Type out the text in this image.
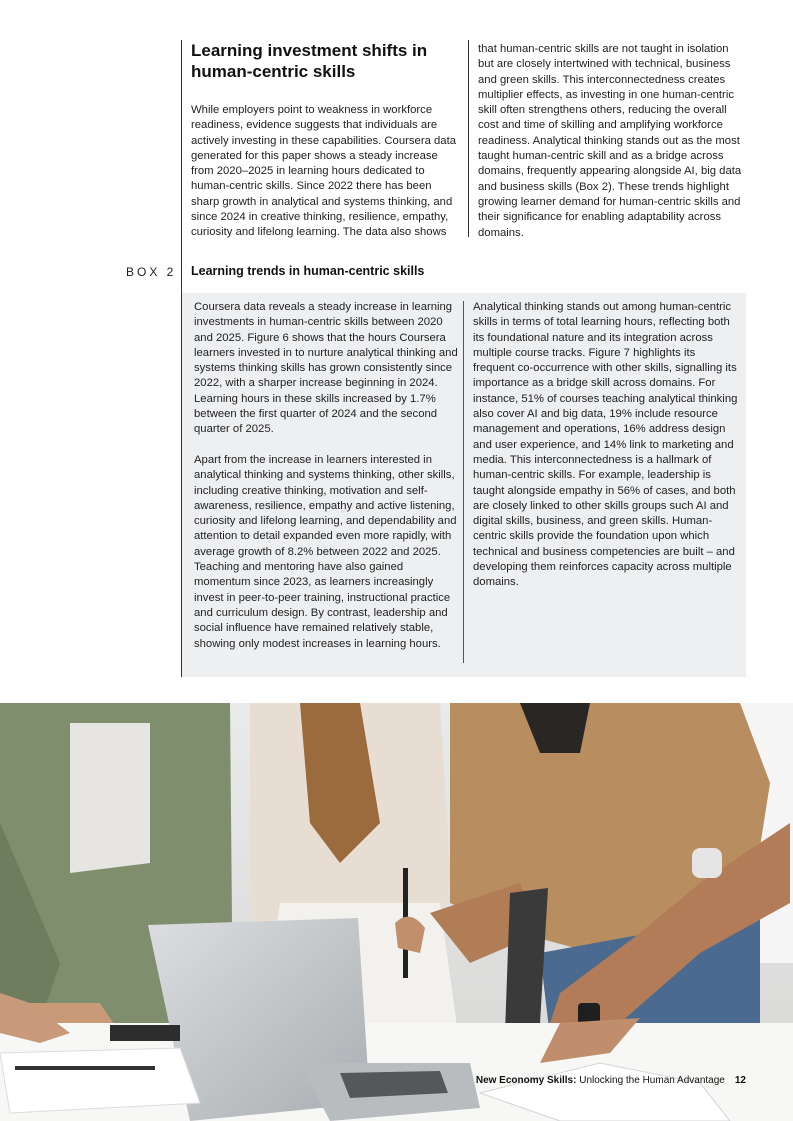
Learning investment shifts in human-centric skills

While employers point to weakness in workforce readiness, evidence suggests that individuals are actively investing in these capabilities. Coursera data generated for this paper shows a steady increase from 2020–2025 in learning hours dedicated to human-centric skills. Since 2022 there has been sharp growth in analytical and systems thinking, and since 2024 in creative thinking, resilience, empathy, curiosity and lifelong learning. The data also shows

that human-centric skills are not taught in isolation but are closely intertwined with technical, business and green skills. This interconnectedness creates multiplier effects, as investing in one human-centric skill often strengthens others, reducing the overall cost and time of skilling and amplifying workforce readiness. Analytical thinking stands out as the most taught human-centric skill and as a bridge across domains, frequently appearing alongside AI, big data and business skills (Box 2). These trends highlight growing learner demand for human-centric skills and their significance for enabling adaptability across domains.

BOX 2 Learning trends in human-centric skills

Coursera data reveals a steady increase in learning investments in human-centric skills between 2020 and 2025. Figure 6 shows that the hours Coursera learners invested in to nurture analytical thinking and systems thinking skills has grown consistently since 2022, with a sharper increase beginning in 2024. Learning hours in these skills increased by 1.7% between the first quarter of 2024 and the second quarter of 2025.

Apart from the increase in learners interested in analytical thinking and systems thinking, other skills, including creative thinking, motivation and self-awareness, resilience, empathy and active listening, curiosity and lifelong learning, and dependability and attention to detail expanded even more rapidly, with average growth of 8.2% between 2022 and 2025. Teaching and mentoring have also gained momentum since 2023, as learners increasingly invest in peer-to-peer training, instructional practice and curriculum design. By contrast, leadership and social influence have remained relatively stable, showing only modest increases in learning hours.

Analytical thinking stands out among human-centric skills in terms of total learning hours, reflecting both its foundational nature and its integration across multiple course tracks. Figure 7 highlights its frequent co-occurrence with other skills, signalling its importance as a bridge skill across domains. For instance, 51% of courses teaching analytical thinking also cover AI and big data, 19% include resource management and operations, 16% address design and user experience, and 14% link to marketing and media. This interconnectedness is a hallmark of human-centric skills. For example, leadership is taught alongside empathy in 56% of cases, and both are closely linked to other skills groups such AI and digital skills, business, and green skills. Human-centric skills provide the foundation upon which technical and business competencies are built – and developing them reinforces capacity across multiple domains.

New Economy Skills: Unlocking the Human Advantage 12
